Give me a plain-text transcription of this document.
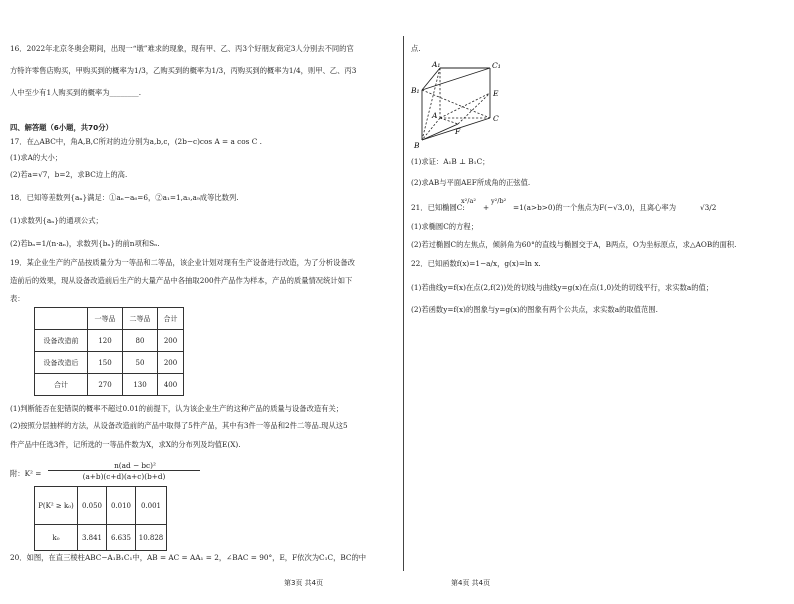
16．2022年北京冬奥会期间，出现一“墩”难求的现象，现有甲、乙、丙3个好朋友商定3人分别去不同的官
方特许零售店购买，甲购买到的概率为1/3，乙购买到的概率为1/3，丙购买到的概率为1/4，则甲、乙、丙3
人中至少有1人购买到的概率为________.
四、解答题（6小题，共70分）
17．在△ABC中，角A,B,C所对的边分别为a,b,c，(2b−c)cos A = a cos C .
(1)求A的大小；
(2)若a=√7，b=2，求BC边上的高.
18．已知等差数列{aₙ}满足：①aₙ−a₆=6，②a₁=1,a₃,a₉成等比数列.
(1)求数列{aₙ}的通项公式；
(2)若bₙ=1/(n·aₙ)，求数列{bₙ}的前n项和Sₙ.
19．某企业生产的产品按质量分为一等品和二等品，该企业计划对现有生产设备进行改造，为了分析设备改
造前后的效果，现从设备改造前后生产的大量产品中各抽取200件产品作为样本，产品的质量情况统计如下
表：
	一等品	二等品	合计
设备改造前	120	80	200
设备改造后	150	50	200
合计	270	130	400
(1)判断能否在犯错误的概率不超过0.01的前提下，认为该企业生产的这种产品的质量与设备改造有关；
(2)按照分层抽样的方法，从设备改造前的产品中取得了5件产品，其中有3件一等品和2件二等品.现从这5
件产品中任选3件，记所选的一等品件数为X，求X的分布列及均值E(X).
附：K² =
n(ad − bc)²
(a+b)(c+d)(a+c)(b+d)
P(K² ≥ k₀)	0.050	0.010	0.001
k₀	3.841	6.635	10.828
20．如图，在直三棱柱ABC−A₁B₁C₁中，AB = AC = AA₁ = 2，∠BAC = 90°，E，F依次为C₁C，BC的中
点.
A₁	C₁
B₁	E
A	C
F
B
(1)求证：A₁B ⊥ B₁C；
(2)求AB与平面AEF所成角的正弦值.
21．已知椭圆C:
x²/a²
+
y²/b²
=1(a>b>0)的一个焦点为F(−√3,0)，且离心率为	√3/2
(1)求椭圆C的方程；
(2)若过椭圆C的左焦点，倾斜角为60°的直线与椭圆交于A，B两点，O为坐标原点，求△AOB的面积.
22．已知函数f(x)=1−a/x，g(x)=ln x.
(1)若曲线y=f(x)在点(2,f(2))处的切线与曲线y=g(x)在点(1,0)处的切线平行，求实数a的值；
(2)若函数y=f(x)的图象与y=g(x)的图象有两个公共点，求实数a的取值范围.
第3页 共4页	第4页 共4页
